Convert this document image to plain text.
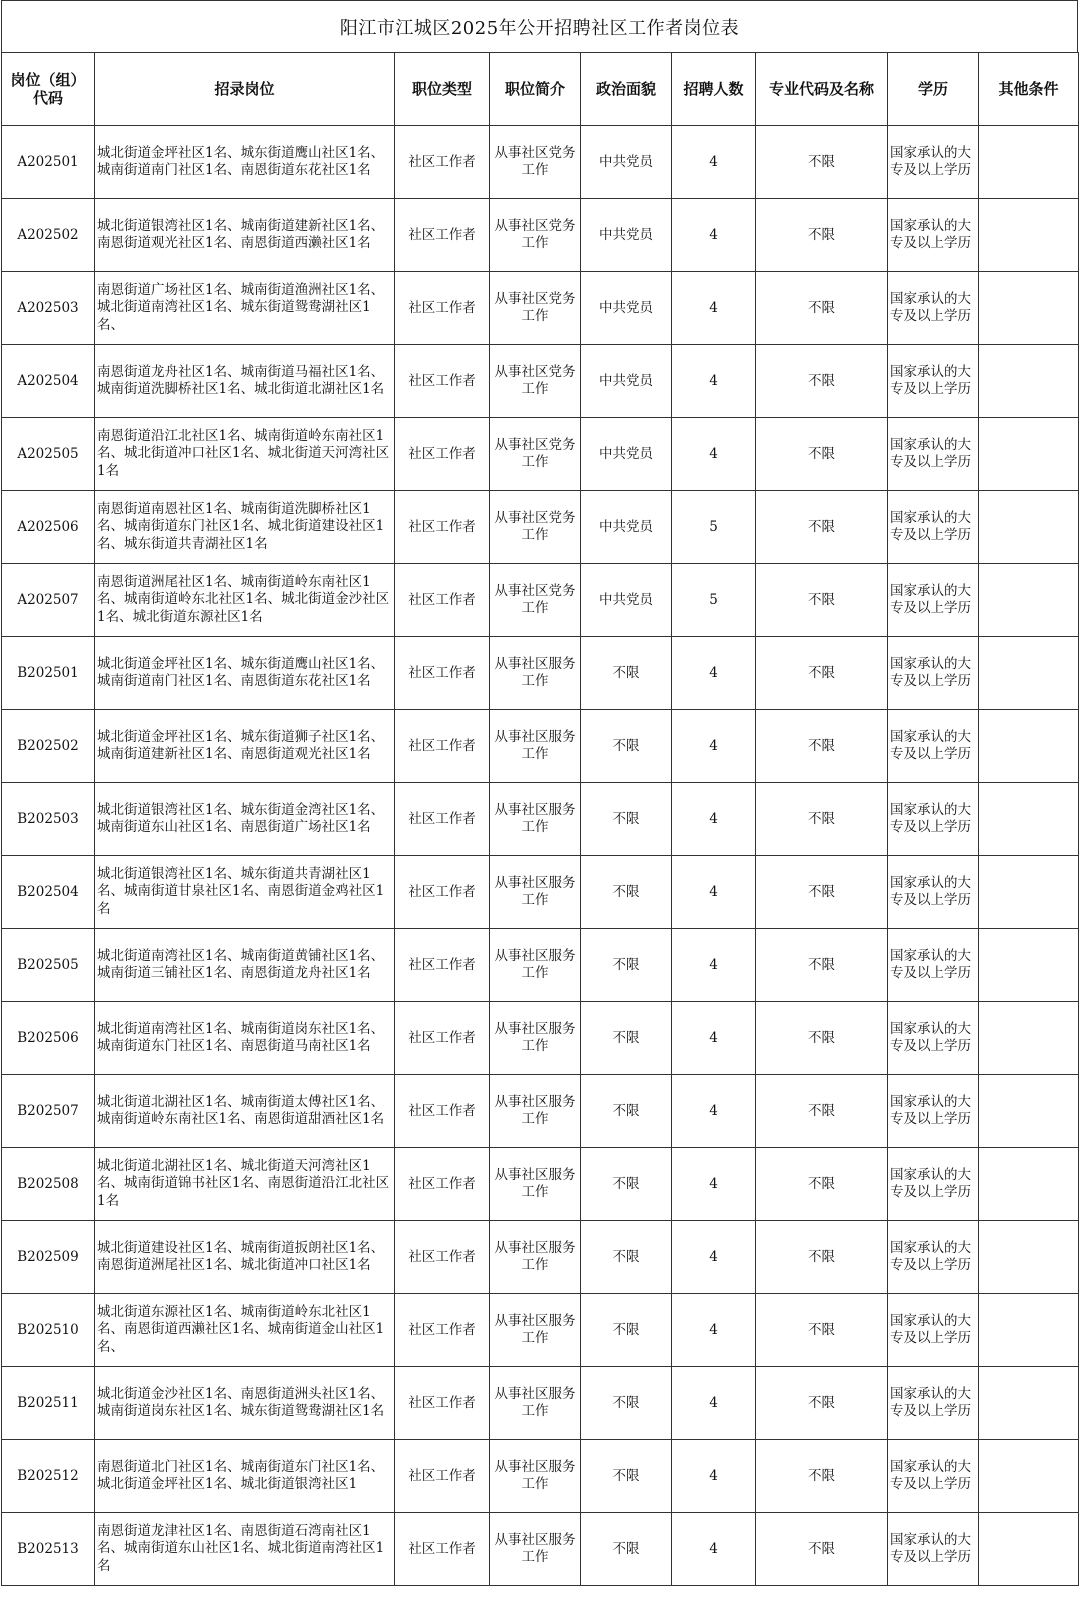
阳江市江城区2025年公开招聘社区工作者岗位表
岗位（组）代码	招录岗位	职位类型	职位简介	政治面貌	招聘人数	专业代码及名称	学历	其他条件
A202501	城北街道金坪社区1名、城东街道鹰山社区1名、城南街道南门社区1名、南恩街道东花社区1名	社区工作者	从事社区党务工作	中共党员	4	不限	国家承认的大专及以上学历	
A202502	城北街道银湾社区1名、城南街道建新社区1名、南恩街道观光社区1名、南恩街道西濑社区1名	社区工作者	从事社区党务工作	中共党员	4	不限	国家承认的大专及以上学历	
A202503	南恩街道广场社区1名、城南街道渔洲社区1名、城北街道南湾社区1名、城东街道鸳鸯湖社区1名、	社区工作者	从事社区党务工作	中共党员	4	不限	国家承认的大专及以上学历	
A202504	南恩街道龙舟社区1名、城南街道马福社区1名、城南街道洗脚桥社区1名、城北街道北湖社区1名	社区工作者	从事社区党务工作	中共党员	4	不限	国家承认的大专及以上学历	
A202505	南恩街道沿江北社区1名、城南街道岭东南社区1名、城北街道冲口社区1名、城北街道天河湾社区1名	社区工作者	从事社区党务工作	中共党员	4	不限	国家承认的大专及以上学历	
A202506	南恩街道南恩社区1名、城南街道洗脚桥社区1名、城南街道东门社区1名、城北街道建设社区1名、城东街道共青湖社区1名	社区工作者	从事社区党务工作	中共党员	5	不限	国家承认的大专及以上学历	
A202507	南恩街道洲尾社区1名、城南街道岭东南社区1名、城南街道岭东北社区1名、城北街道金沙社区1名、城北街道东源社区1名	社区工作者	从事社区党务工作	中共党员	5	不限	国家承认的大专及以上学历	
B202501	城北街道金坪社区1名、城东街道鹰山社区1名、城南街道南门社区1名、南恩街道东花社区1名	社区工作者	从事社区服务工作	不限	4	不限	国家承认的大专及以上学历	
B202502	城北街道金坪社区1名、城东街道狮子社区1名、城南街道建新社区1名、南恩街道观光社区1名	社区工作者	从事社区服务工作	不限	4	不限	国家承认的大专及以上学历	
B202503	城北街道银湾社区1名、城东街道金湾社区1名、城南街道东山社区1名、南恩街道广场社区1名	社区工作者	从事社区服务工作	不限	4	不限	国家承认的大专及以上学历	
B202504	城北街道银湾社区1名、城东街道共青湖社区1名、城南街道甘泉社区1名、南恩街道金鸡社区1名	社区工作者	从事社区服务工作	不限	4	不限	国家承认的大专及以上学历	
B202505	城北街道南湾社区1名、城南街道黄铺社区1名、城南街道三铺社区1名、南恩街道龙舟社区1名	社区工作者	从事社区服务工作	不限	4	不限	国家承认的大专及以上学历	
B202506	城北街道南湾社区1名、城南街道岗东社区1名、城南街道东门社区1名、南恩街道马南社区1名	社区工作者	从事社区服务工作	不限	4	不限	国家承认的大专及以上学历	
B202507	城北街道北湖社区1名、城南街道太傅社区1名、城南街道岭东南社区1名、南恩街道甜酒社区1名	社区工作者	从事社区服务工作	不限	4	不限	国家承认的大专及以上学历	
B202508	城北街道北湖社区1名、城北街道天河湾社区1名、城南街道锦书社区1名、南恩街道沿江北社区1名	社区工作者	从事社区服务工作	不限	4	不限	国家承认的大专及以上学历	
B202509	城北街道建设社区1名、城南街道扳朗社区1名、南恩街道洲尾社区1名、城北街道冲口社区1名	社区工作者	从事社区服务工作	不限	4	不限	国家承认的大专及以上学历	
B202510	城北街道东源社区1名、城南街道岭东北社区1名、南恩街道西濑社区1名、城南街道金山社区1名、	社区工作者	从事社区服务工作	不限	4	不限	国家承认的大专及以上学历	
B202511	城北街道金沙社区1名、南恩街道洲头社区1名、城南街道岗东社区1名、城东街道鸳鸯湖社区1名	社区工作者	从事社区服务工作	不限	4	不限	国家承认的大专及以上学历	
B202512	南恩街道北门社区1名、城南街道东门社区1名、城北街道金坪社区1名、城北街道银湾社区1	社区工作者	从事社区服务工作	不限	4	不限	国家承认的大专及以上学历	
B202513	南恩街道龙津社区1名、南恩街道石湾南社区1名、城南街道东山社区1名、城北街道南湾社区1名	社区工作者	从事社区服务工作	不限	4	不限	国家承认的大专及以上学历	
